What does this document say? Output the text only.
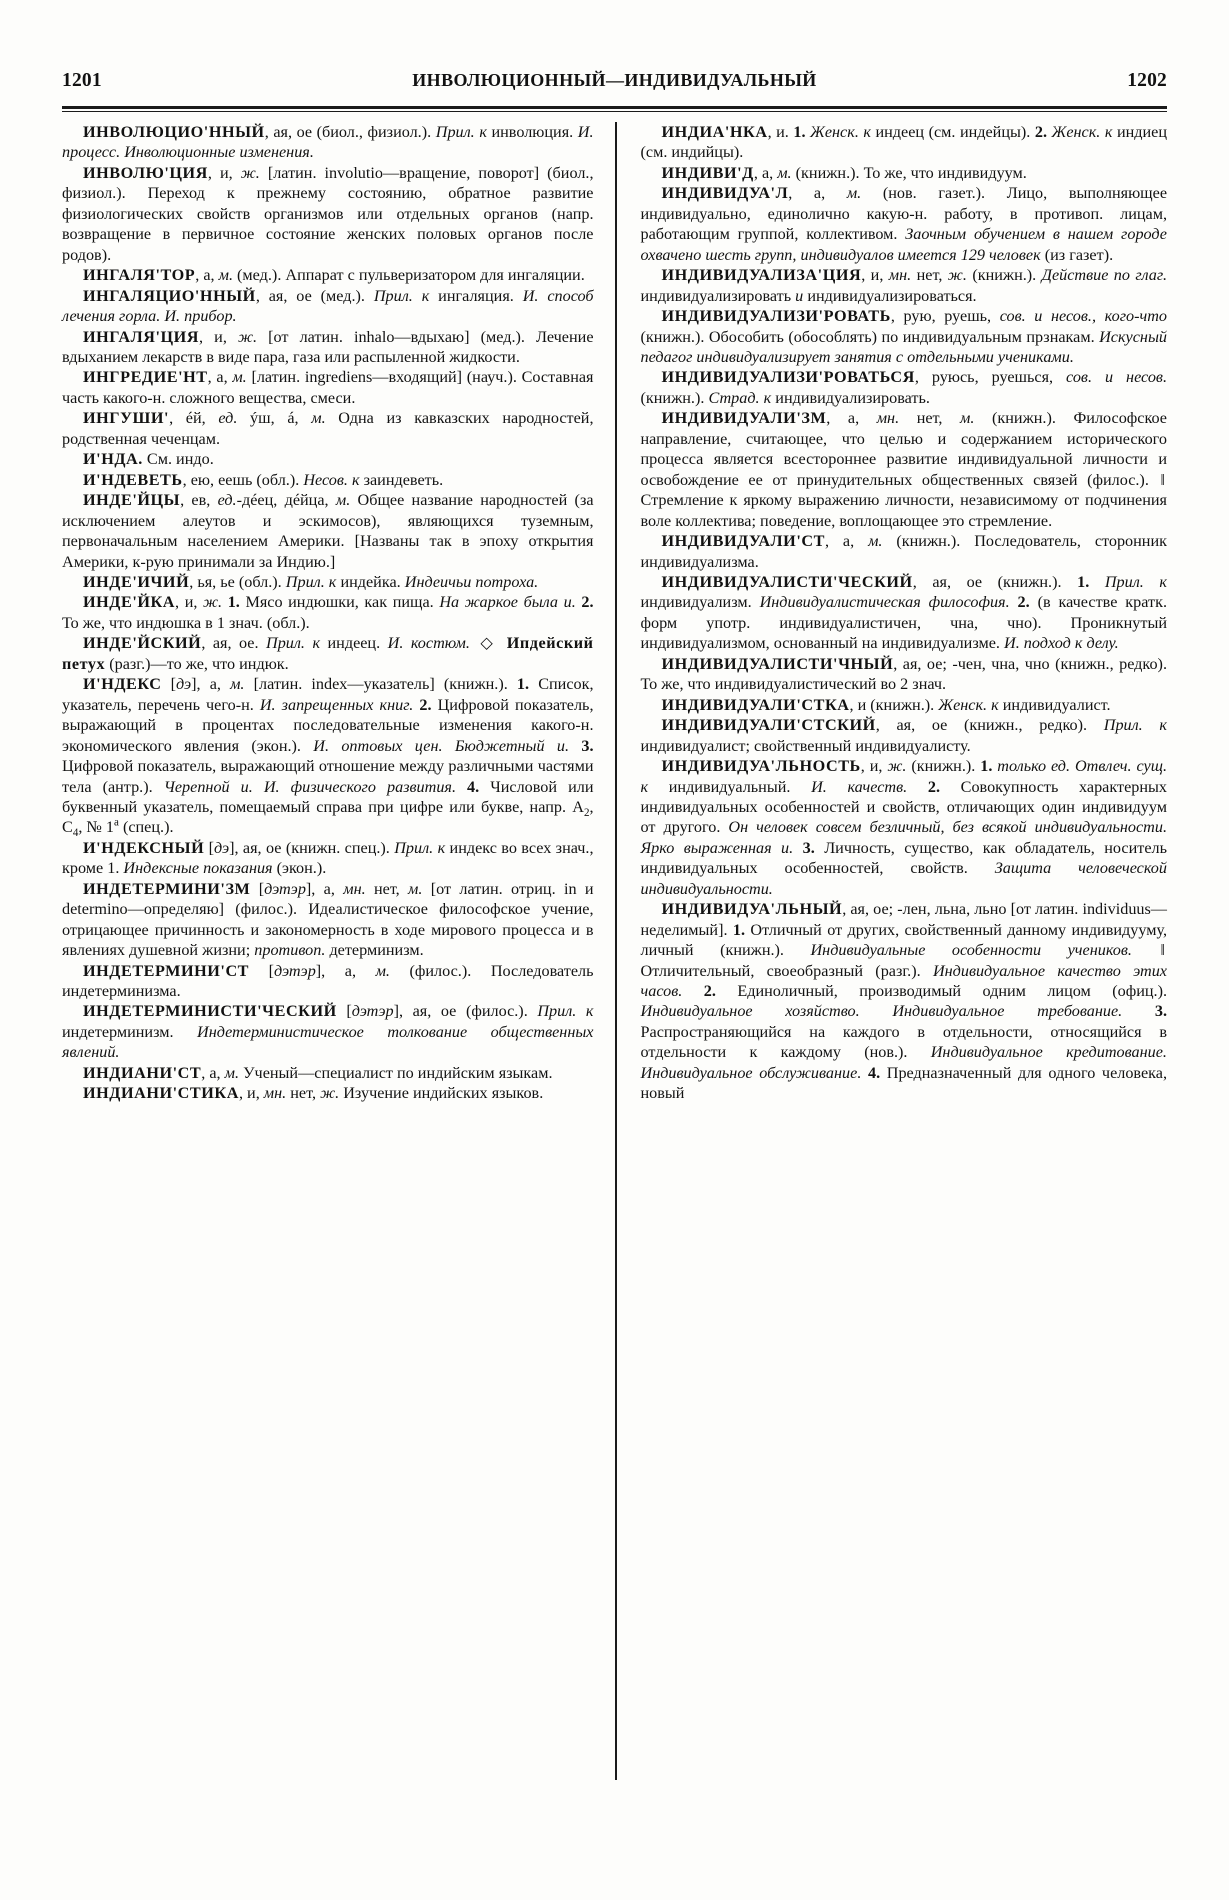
1201	ИНВОЛЮЦИОННЫЙ—ИНДИВИДУАЛЬНЫЙ	1202

ИНВОЛЮЦИО'ННЫЙ, ая, ое (биол., физиол.). Прил. к инволюция. И. процесс. Инволюционные изменения.

ИНВОЛЮ'ЦИЯ, и, ж. [латин. involutio—вращение, поворот] (биол., физиол.). Переход к прежнему состоянию, обратное развитие физиологических свойств организмов или отдельных органов (напр. возвращение в первичное состояние женских половых органов после родов).

ИНГАЛЯ'ТОР, а, м. (мед.). Аппарат с пульверизатором для ингаляции.

ИНГАЛЯЦИО'ННЫЙ, ая, ое (мед.). Прил. к ингаляция. И. способ лечения горла. И. прибор.

ИНГАЛЯ'ЦИЯ, и, ж. [от латин. inhalo—вдыхаю] (мед.). Лечение вдыханием лекарств в виде пара, газа или распыленной жидкости.

ИНГРЕДИЕ'НТ, а, м. [латин. ingrediens—входящий] (науч.). Составная часть какого-н. сложного вещества, смеси.

ИНГУШИ', éй, ед. ýш, á, м. Одна из кавказских народностей, родственная чеченцам.

И'НДА. См. индо.

И'НДЕВЕТЬ, ею, еешь (обл.). Несов. к заиндеветь.

ИНДЕ'ЙЦЫ, ев, ед.-дéец, дéйца, м. Общее название народностей (за исключением алеутов и эскимосов), являющихся туземным, первоначальным населением Америки. [Названы так в эпоху открытия Америки, к-рую принимали за Индию.]

ИНДЕ'ИЧИЙ, ья, ье (обл.). Прил. к индейка. Индеичьи потроха.

ИНДЕ'ЙКА, и, ж. 1. Мясо индюшки, как пища. На жаркое была и. 2. То же, что индюшка в 1 знач. (обл.).

ИНДЕ'ЙСКИЙ, ая, ое. Прил. к индеец. И. костюм. ◇ Ипдейский петух (разг.)—то же, что индюк.

И'НДЕКС [дэ], а, м. [латин. index—указатель] (книжн.). 1. Список, указатель, перечень чего-н. И. запрещенных книг. 2. Цифровой показатель, выражающий в процентах последовательные изменения какого-н. экономического явления (экон.). И. оптовых цен. Бюджетный и. 3. Цифровой показатель, выражающий отношение между различными частями тела (антр.). Черепной и. И. физического развития. 4. Числовой или буквенный указатель, помещаемый справа при цифре или букве, напр. $A_2$, $C_4$, № $1^а$ (спец.).

И'НДЕКСНЫЙ [дэ], ая, ое (книжн. спец.). Прил. к индекс во всех знач., кроме 1. Индексные показания (экон.).

ИНДЕТЕРМИНИ'ЗМ [дэтэр], а, мн. нет, м. [от латин. отриц. in и determino—определяю] (филос.). Идеалистическое философское учение, отрицающее причинность и закономерность в ходе мирового процесса и в явлениях душевной жизни; противоп. детерминизм.

ИНДЕТЕРМИНИ'СТ [дэтэр], а, м. (филос.). Последователь индетерминизма.

ИНДЕТЕРМИНИСТИ'ЧЕСКИЙ [дэтэр], ая, ое (филос.). Прил. к индетерминизм. Индетерминистическое толкование общественных явлений.

ИНДИАНИ'СТ, а, м. Ученый—специалист по индийским языкам.

ИНДИАНИ'СТИКА, и, мн. нет, ж. Изучение индийских языков.

ИНДИА'НКА, и. 1. Женск. к индеец (см. индейцы). 2. Женск. к индиец (см. индийцы).

ИНДИВИ'Д, а, м. (книжн.). То же, что индивидуум.

ИНДИВИДУА'Л, а, м. (нов. газет.). Лицо, выполняющее индивидуально, единолично какую-н. работу, в противоп. лицам, работающим группой, коллективом. Заочным обучением в нашем городе охвачено шесть групп, индивидуалов имеется 129 человек (из газет).

ИНДИВИДУАЛИЗА'ЦИЯ, и, мн. нет, ж. (книжн.). Действие по глаг. индивидуализировать и индивидуализироваться.

ИНДИВИДУАЛИЗИ'РОВАТЬ, рую, руешь, сов. и несов., кого-что (книжн.). Обособить (обособлять) по индивидуальным прзнакам. Искусный педагог индивидуализирует занятия с отдельными учениками.

ИНДИВИДУАЛИЗИ'РОВАТЬСЯ, руюсь, руешься, сов. и несов. (книжн.). Страд. к индивидуализировать.

ИНДИВИДУАЛИ'ЗМ, а, мн. нет, м. (книжн.). Философское направление, считающее, что целью и содержанием исторического процесса является всестороннее развитие индивидуальной личности и освобождение ее от принудительных общественных связей (филос.). ‖ Стремление к яркому выражению личности, независимому от подчинения воле коллектива; поведение, воплощающее это стремление.

ИНДИВИДУАЛИ'СТ, а, м. (книжн.). Последователь, сторонник индивидуализма.

ИНДИВИДУАЛИСТИ'ЧЕСКИЙ, ая, ое (книжн.). 1. Прил. к индивидуализм. Индивидуалистическая философия. 2. (в качестве кратк. форм употр. индивидуалистичен, чна, чно). Проникнутый индивидуализмом, основанный на индивидуализме. И. подход к делу.

ИНДИВИДУАЛИСТИ'ЧНЫЙ, ая, ое; -чен, чна, чно (книжн., редко). То же, что индивидуалистический во 2 знач.

ИНДИВИДУАЛИ'СТКА, и (книжн.). Женск. к индивидуалист.

ИНДИВИДУАЛИ'СТСКИЙ, ая, ое (книжн., редко). Прил. к индивидуалист; свойственный индивидуалисту.

ИНДИВИДУА'ЛЬНОСТЬ, и, ж. (книжн.). 1. только ед. Отвлеч. сущ. к индивидуальный. И. качеств. 2. Совокупность характерных индивидуальных особенностей и свойств, отличающих один индивидуум от другого. Он человек совсем безличный, без всякой индивидуальности. Ярко выраженная и. 3. Личность, существо, как обладатель, носитель индивидуальных особенностей, свойств. Защита человеческой индивидуальности.

ИНДИВИДУА'ЛЬНЫЙ, ая, ое; -лен, льна, льно [от латин. individuus—неделимый]. 1. Отличный от других, свойственный данному индивидууму, личный (книжн.). Индивидуальные особенности учеников. ‖ Отличительный, своеобразный (разг.). Индивидуальное качество этих часов. 2. Единоличный, производимый одним лицом (офиц.). Индивидуальное хозяйство. Индивидуальное требование. 3. Распространяющийся на каждого в отдельности, относящийся в отдельности к каждому (нов.). Индивидуальное кредитование. Индивидуальное обслуживание. 4. Предназначенный для одного человека, новый
